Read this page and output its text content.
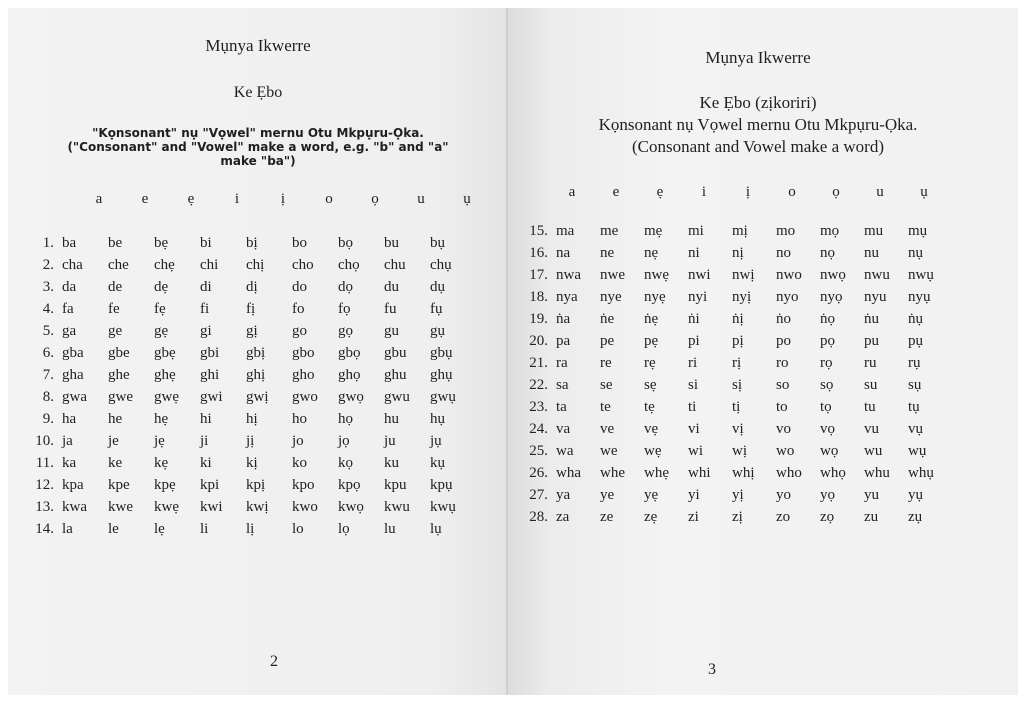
Mụnya Ikwerre
Ke Ẹbo
"Kọnsonant" nụ "Vọwel" mernu Otu Mkpụru-Ọka.
("Consonant" and "Vowel" make a word, e.g. "b" and "a"
make "ba")
a	e	ẹ	i	ị	o	ọ	u	ụ
1. ba	be	bẹ	bi	bị	bo	bọ	bu	bụ
2. cha	che	chẹ	chi	chị	cho	chọ	chu	chụ
3. da	de	dẹ	di	dị	do	dọ	du	dụ
4. fa	fe	fẹ	fi	fị	fo	fọ	fu	fụ
5. ga	ge	gẹ	gi	gị	go	gọ	gu	gụ
6. gba	gbe	gbẹ	gbi	gbị	gbo	gbọ	gbu	gbụ
7. gha	ghe	ghẹ	ghi	ghị	gho	ghọ	ghu	ghụ
8. gwa	gwe	gwẹ	gwi	gwị	gwo	gwọ	gwu	gwụ
9. ha	he	hẹ	hi	hị	ho	họ	hu	hụ
10. ja	je	jẹ	ji	jị	jo	jọ	ju	jụ
11. ka	ke	kẹ	ki	kị	ko	kọ	ku	kụ
12. kpa	kpe	kpẹ	kpi	kpị	kpo	kpọ	kpu	kpụ
13. kwa	kwe	kwẹ	kwi	kwị	kwo	kwọ	kwu	kwụ
14. la	le	lẹ	li	lị	lo	lọ	lu	lụ
2
Mụnya Ikwerre
Ke Ẹbo (zịkoriri)
Kọnsonant nụ Vọwel mernu Otu Mkpụru-Ọka.
(Consonant and Vowel make a word)
a	e	ẹ	i	ị	o	ọ	u	ụ
15. ma	me	mẹ	mi	mị	mo	mọ	mu	mụ
16. na	ne	nẹ	ni	nị	no	nọ	nu	nụ
17. nwa	nwe	nwẹ	nwi	nwị	nwo	nwọ	nwu	nwụ
18. nya	nye	nyẹ	nyi	nyị	nyo	nyọ	nyu	nyụ
19. ṅa	ṅe	ṅẹ	ṅi	ṅị	ṅo	ṅọ	ṅu	ṅụ
20. pa	pe	pẹ	pi	pị	po	pọ	pu	pụ
21. ra	re	rẹ	ri	rị	ro	rọ	ru	rụ
22. sa	se	sẹ	si	sị	so	sọ	su	sụ
23. ta	te	tẹ	ti	tị	to	tọ	tu	tụ
24. va	ve	vẹ	vi	vị	vo	vọ	vu	vụ
25. wa	we	wẹ	wi	wị	wo	wọ	wu	wụ
26. wha	whe	whẹ	whi	whị	who	whọ	whu	whụ
27. ya	ye	yẹ	yi	yị	yo	yọ	yu	yụ
28. za	ze	zẹ	zi	zị	zo	zọ	zu	zụ
3
